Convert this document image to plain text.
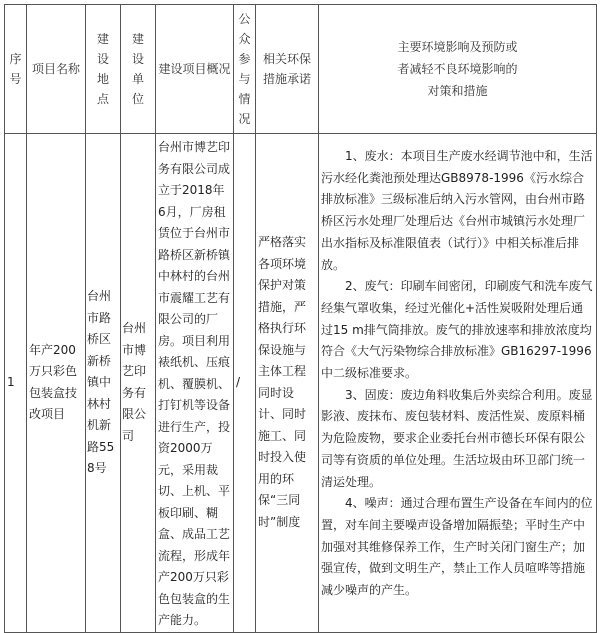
序号	项目名称	建设地点	建设单位	建设项目概况	公众参与情况	相关环保措施承诺	主要环境影响及预防或
者减轻不良环境影响的
对策和措施

1	年产200万只彩色包装盒技改项目	台州市路桥区新桥镇中林村机新路558号	台州市博艺印务有限公司	台州市博艺印务有限公司成立于2018年6月，厂房租赁位于台州市路桥区新桥镇中林村的台州市震耀工艺有限公司的厂房。项目利用裱纸机、压痕机、覆膜机、打钉机等设备进行生产，投资2000万元，采用裁切、上机、平板印刷、糊盒、成品工艺流程，形成年产200万只彩色包装盒的生产能力。	/	严格落实各项环境保护对策措施，严格执行环保设施与主体工程同时设计、同时施工、同时投入使用的环保“三同时”制度	1、废水：本项目生产废水经调节池中和，生活污水经化粪池预处理达GB8978-1996《污水综合排放标准》三级标准后纳入污水管网，由台州市路桥区污水处理厂处理后达《台州市城镇污水处理厂出水指标及标准限值表（试行）》中相关标准后排放。

2、废气：印刷车间密闭，印刷废气和洗车废气经集气罩收集，经过光催化+活性炭吸附处理后通过15 m排气筒排放。废气的排放速率和排放浓度均符合《大气污染物综合排放标准》GB16297-1996中二级标准要求。

3、固废：废边角料收集后外卖综合利用。废显影液、废抹布、废包装材料、废活性炭、废原料桶为危险废物，要求企业委托台州市德长环保有限公司等有资质的单位处理。生活垃圾由环卫部门统一清运处理。

4、噪声：通过合理布置生产设备在车间内的位置，对车间主要噪声设备增加隔振垫；平时生产中加强对其维修保养工作，生产时关闭门窗生产；加强宣传，做到文明生产，禁止工作人员喧哗等措施减少噪声的产生。
